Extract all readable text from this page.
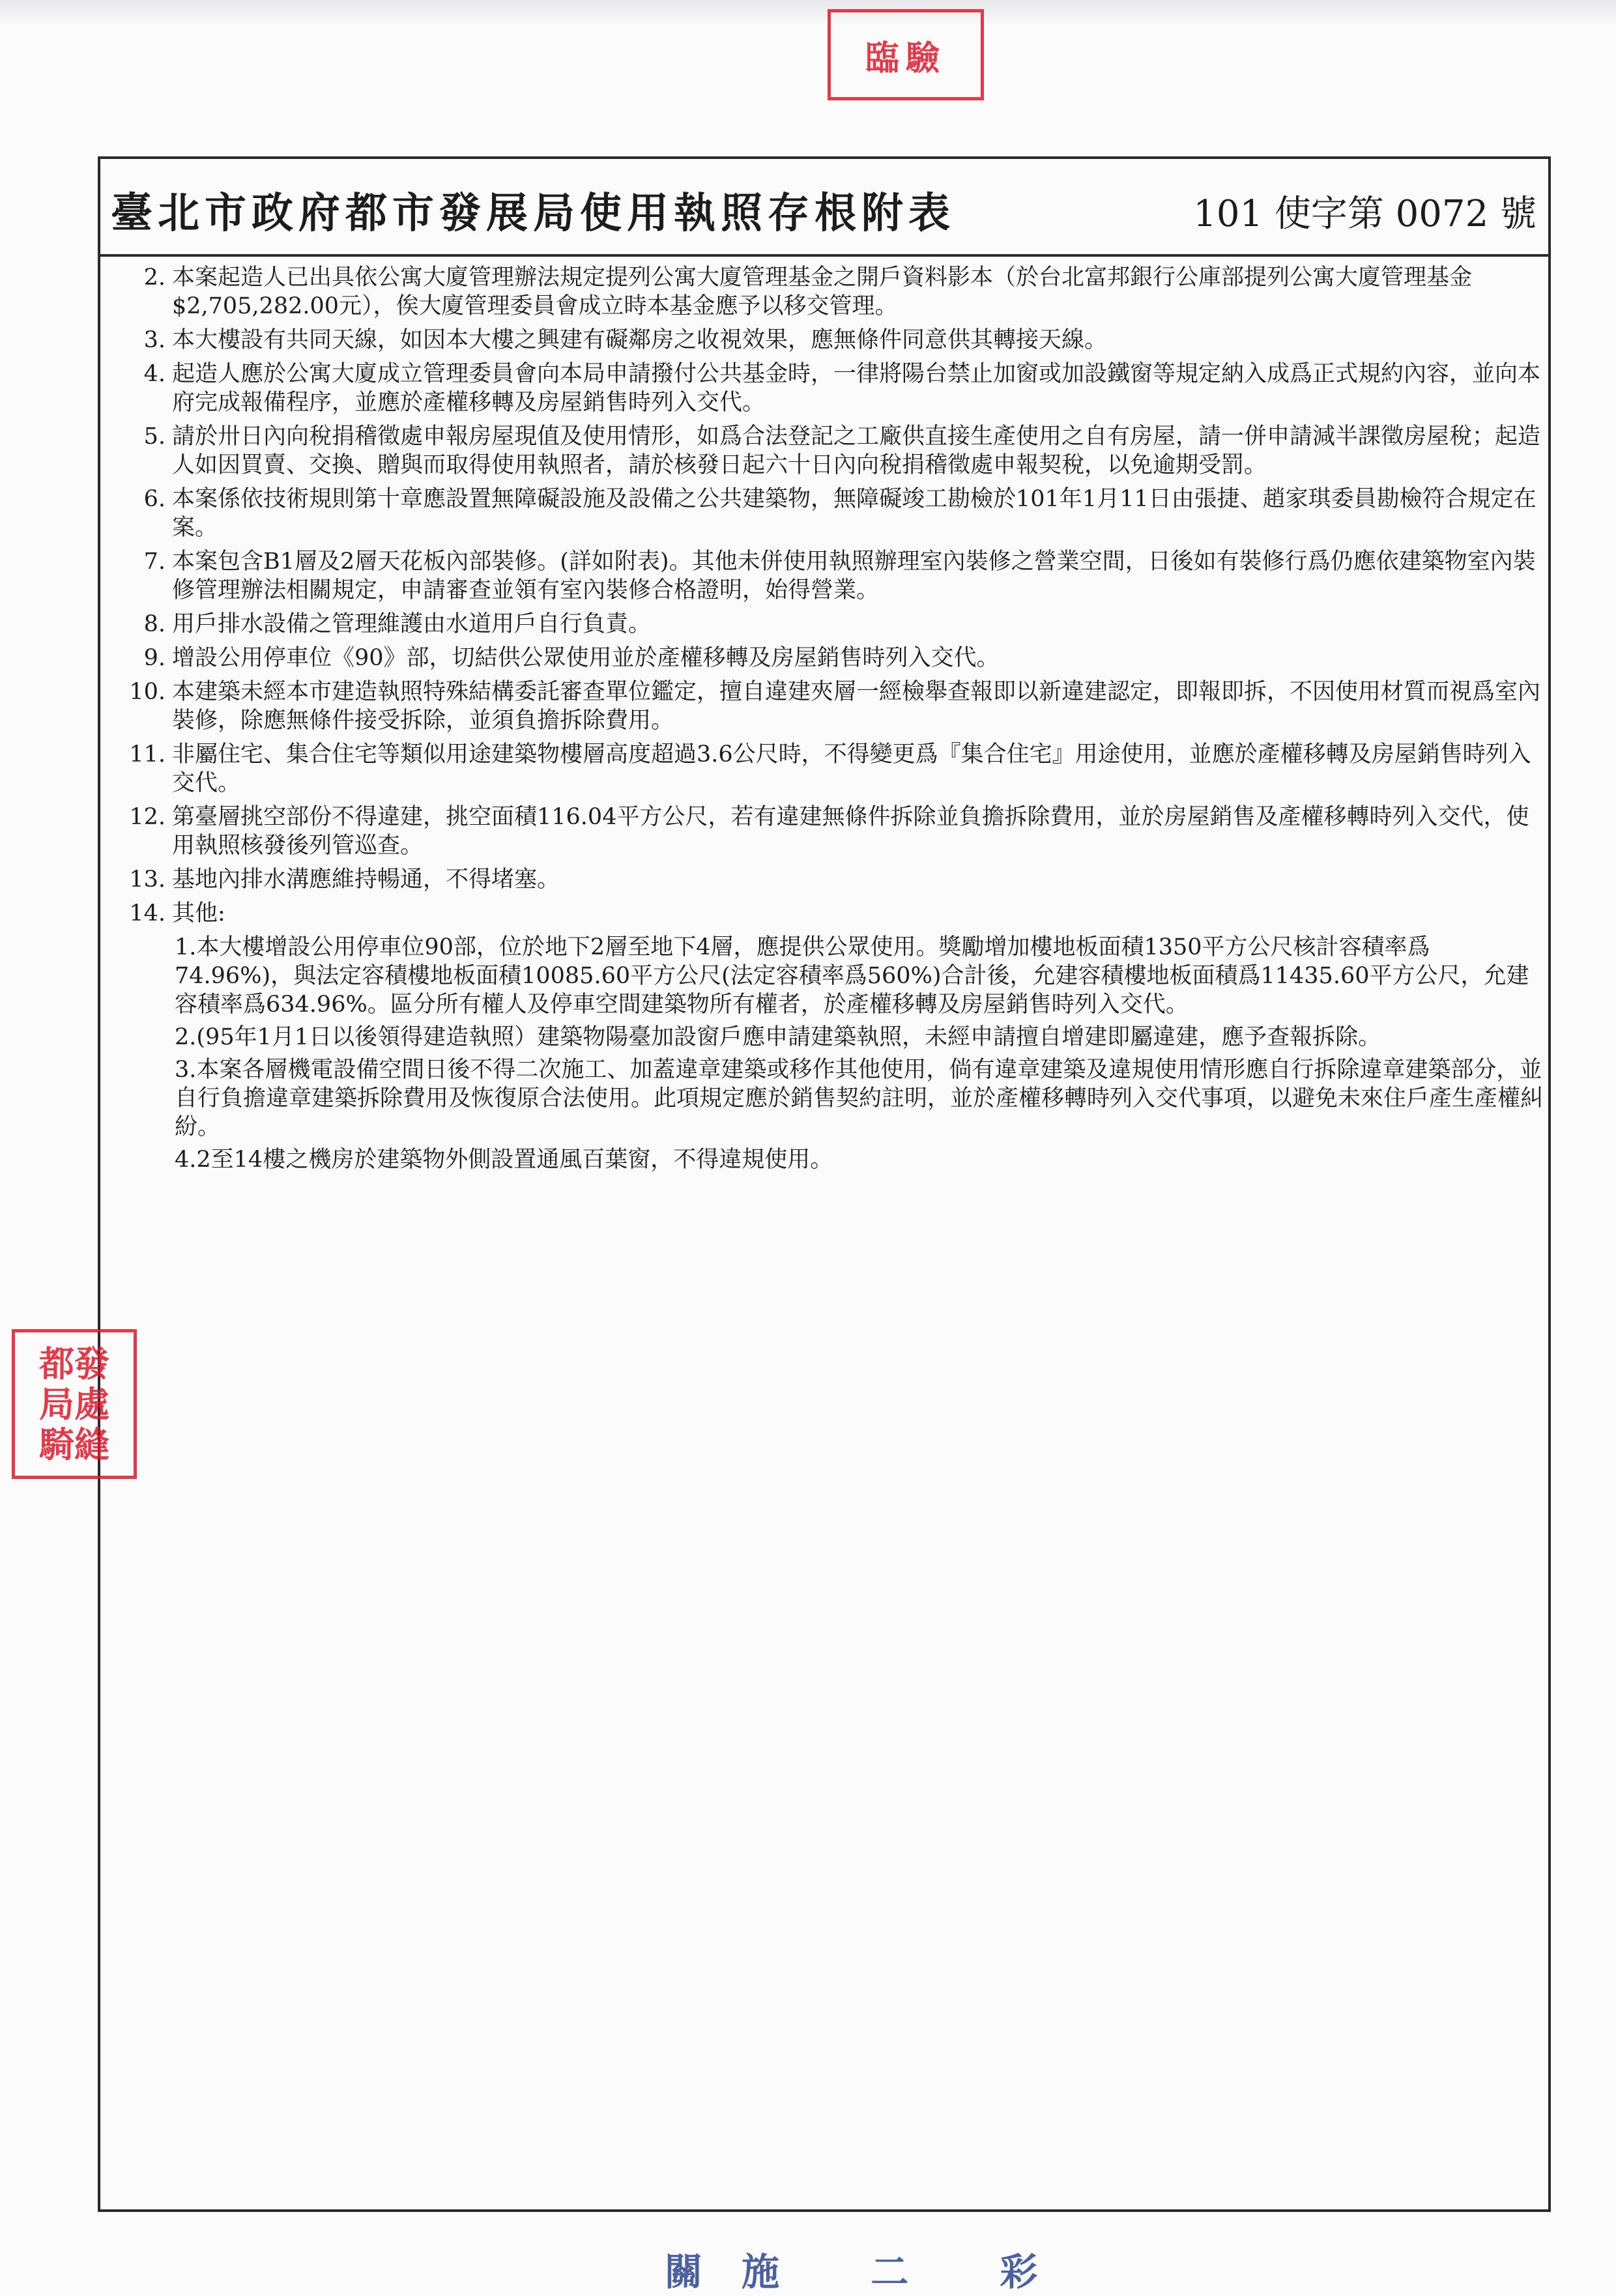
臨驗
臺北市政府都市發展局使用執照存根附表	101 使字第 0072 號
2. 本案起造人已出具依公寓大廈管理辦法規定提列公寓大廈管理基金之開戶資料影本（於台北富邦銀行公庫部提列公寓大廈管理基金$2,705,282.00元），俟大廈管理委員會成立時本基金應予以移交管理。
3. 本大樓設有共同天線，如因本大樓之興建有礙鄰房之收視效果，應無條件同意供其轉接天線。
4. 起造人應於公寓大廈成立管理委員會向本局申請撥付公共基金時，一律將陽台禁止加窗或加設鐵窗等規定納入成爲正式規約內容，並向本府完成報備程序，並應於產權移轉及房屋銷售時列入交代。
5. 請於卅日內向稅捐稽徵處申報房屋現值及使用情形，如爲合法登記之工廠供直接生產使用之自有房屋，請一併申請減半課徵房屋稅；起造人如因買賣、交換、贈與而取得使用執照者，請於核發日起六十日內向稅捐稽徵處申報契稅，以免逾期受罰。
6. 本案係依技術規則第十章應設置無障礙設施及設備之公共建築物，無障礙竣工勘檢於101年1月11日由張捷、趙家琪委員勘檢符合規定在案。
7. 本案包含B1層及2層天花板內部裝修。(詳如附表)。其他未併使用執照辦理室內裝修之營業空間，日後如有裝修行爲仍應依建築物室內裝修管理辦法相關規定，申請審查並領有室內裝修合格證明，始得營業。
8. 用戶排水設備之管理維護由水道用戶自行負責。
9. 增設公用停車位《90》部，切結供公眾使用並於產權移轉及房屋銷售時列入交代。
10. 本建築未經本市建造執照特殊結構委託審查單位鑑定，擅自違建夾層一經檢舉查報即以新違建認定，即報即拆，不因使用材質而視爲室內裝修，除應無條件接受拆除，並須負擔拆除費用。
11. 非屬住宅、集合住宅等類似用途建築物樓層高度超過3.6公尺時，不得變更爲『集合住宅』用途使用，並應於產權移轉及房屋銷售時列入交代。
12. 第臺層挑空部份不得違建，挑空面積116.04平方公尺，若有違建無條件拆除並負擔拆除費用，並於房屋銷售及產權移轉時列入交代，使用執照核發後列管巡查。
13. 基地內排水溝應維持暢通，不得堵塞。
14. 其他:
1.本大樓增設公用停車位90部，位於地下2層至地下4層，應提供公眾使用。獎勵增加樓地板面積1350平方公尺核計容積率爲74.96%)，與法定容積樓地板面積10085.60平方公尺(法定容積率爲560%)合計後，允建容積樓地板面積爲11435.60平方公尺，允建容積率爲634.96%。區分所有權人及停車空間建築物所有權者，於產權移轉及房屋銷售時列入交代。
2.(95年1月1日以後領得建造執照）建築物陽臺加設窗戶應申請建築執照，未經申請擅自增建即屬違建，應予查報拆除。
3.本案各層機電設備空間日後不得二次施工、加蓋違章建築或移作其他使用，倘有違章建築及違規使用情形應自行拆除違章建築部分，並自行負擔違章建築拆除費用及恢復原合法使用。此項規定應於銷售契約註明，並於產權移轉時列入交代事項，以避免未來住戶產生產權糾紛。
4.2至14樓之機房於建築物外側設置通風百葉窗，不得違規使用。
都發 局處 騎縫
關施 二 彩
